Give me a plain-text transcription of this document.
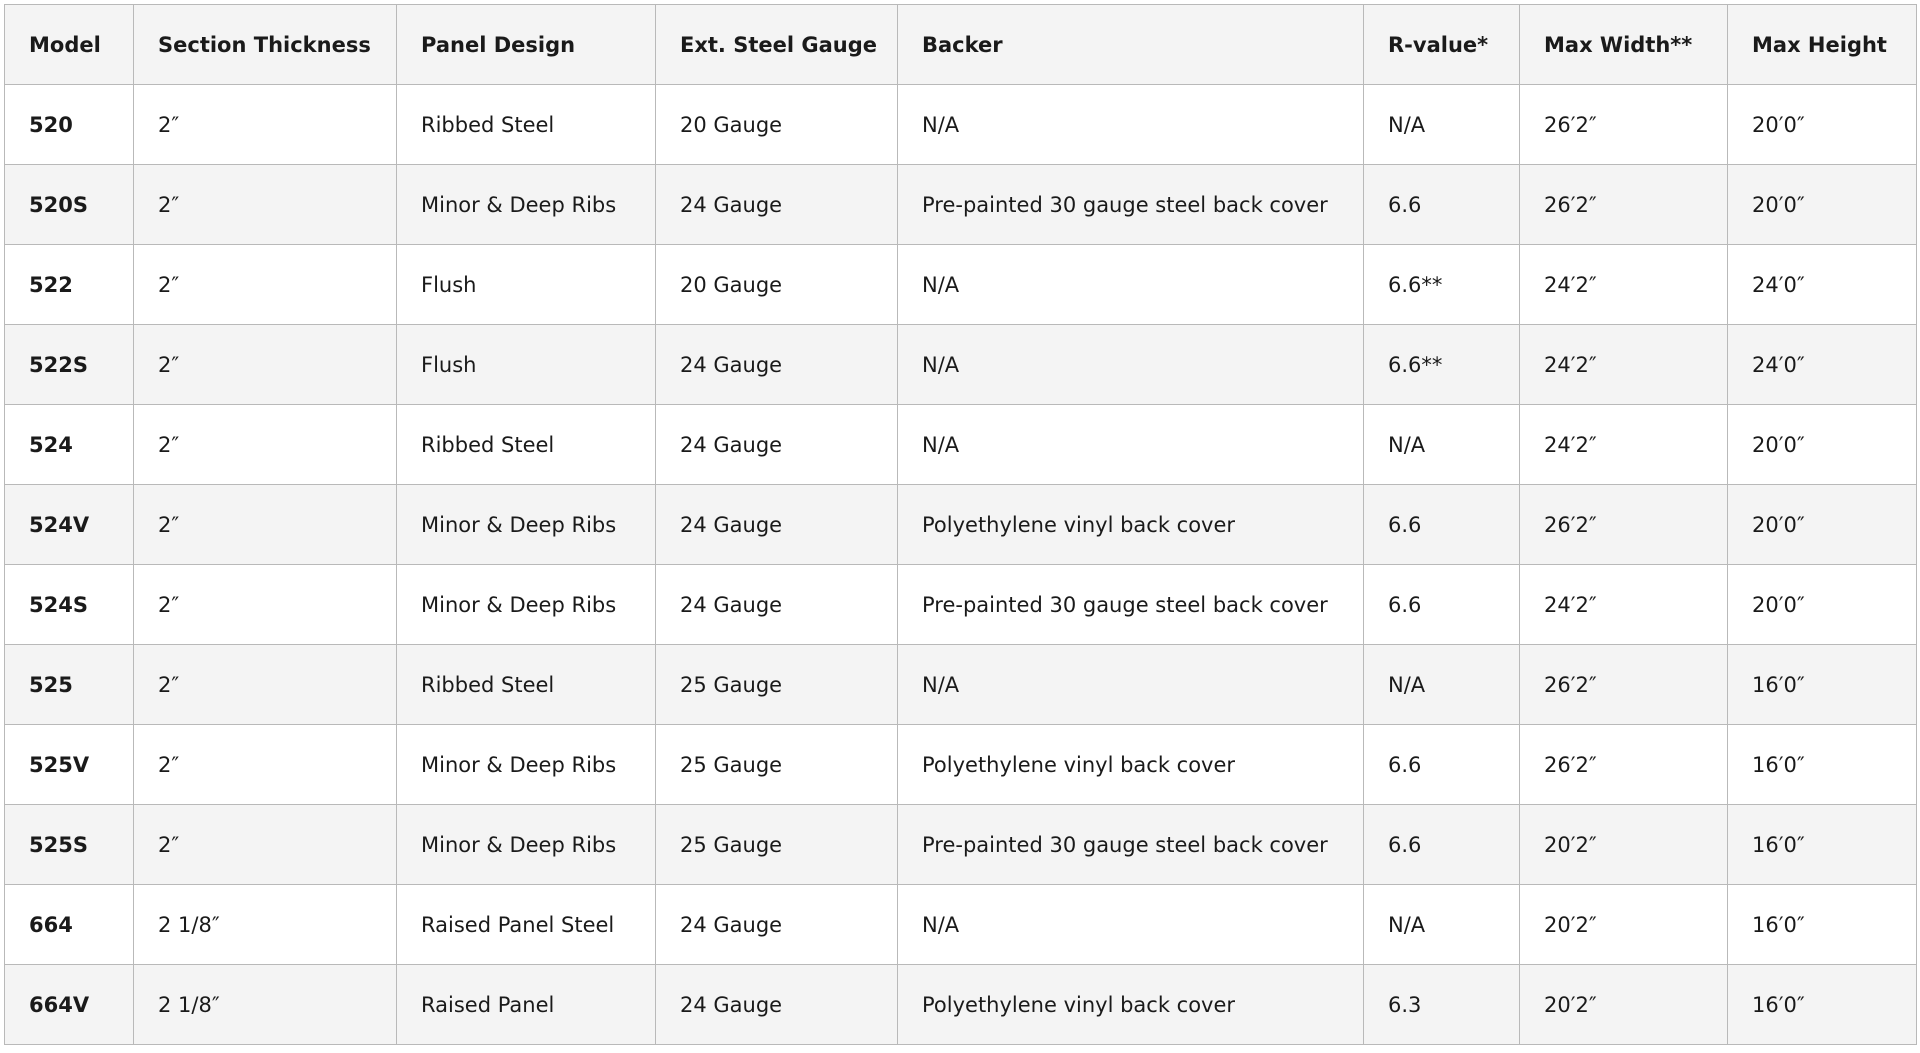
Model	Section Thickness	Panel Design	Ext. Steel Gauge	Backer	R-value*	Max Width**	Max Height
520	2″	Ribbed Steel	20 Gauge	N/A	N/A	26′2″	20′0″
520S	2″	Minor & Deep Ribs	24 Gauge	Pre-painted 30 gauge steel back cover	6.6	26′2″	20′0″
522	2″	Flush	20 Gauge	N/A	6.6**	24′2″	24′0″
522S	2″	Flush	24 Gauge	N/A	6.6**	24′2″	24′0″
524	2″	Ribbed Steel	24 Gauge	N/A	N/A	24′2″	20′0″
524V	2″	Minor & Deep Ribs	24 Gauge	Polyethylene vinyl back cover	6.6	26′2″	20′0″
524S	2″	Minor & Deep Ribs	24 Gauge	Pre-painted 30 gauge steel back cover	6.6	24′2″	20′0″
525	2″	Ribbed Steel	25 Gauge	N/A	N/A	26′2″	16′0″
525V	2″	Minor & Deep Ribs	25 Gauge	Polyethylene vinyl back cover	6.6	26′2″	16′0″
525S	2″	Minor & Deep Ribs	25 Gauge	Pre-painted 30 gauge steel back cover	6.6	20′2″	16′0″
664	2 1/8″	Raised Panel Steel	24 Gauge	N/A	N/A	20′2″	16′0″
664V	2 1/8″	Raised Panel	24 Gauge	Polyethylene vinyl back cover	6.3	20′2″	16′0″
